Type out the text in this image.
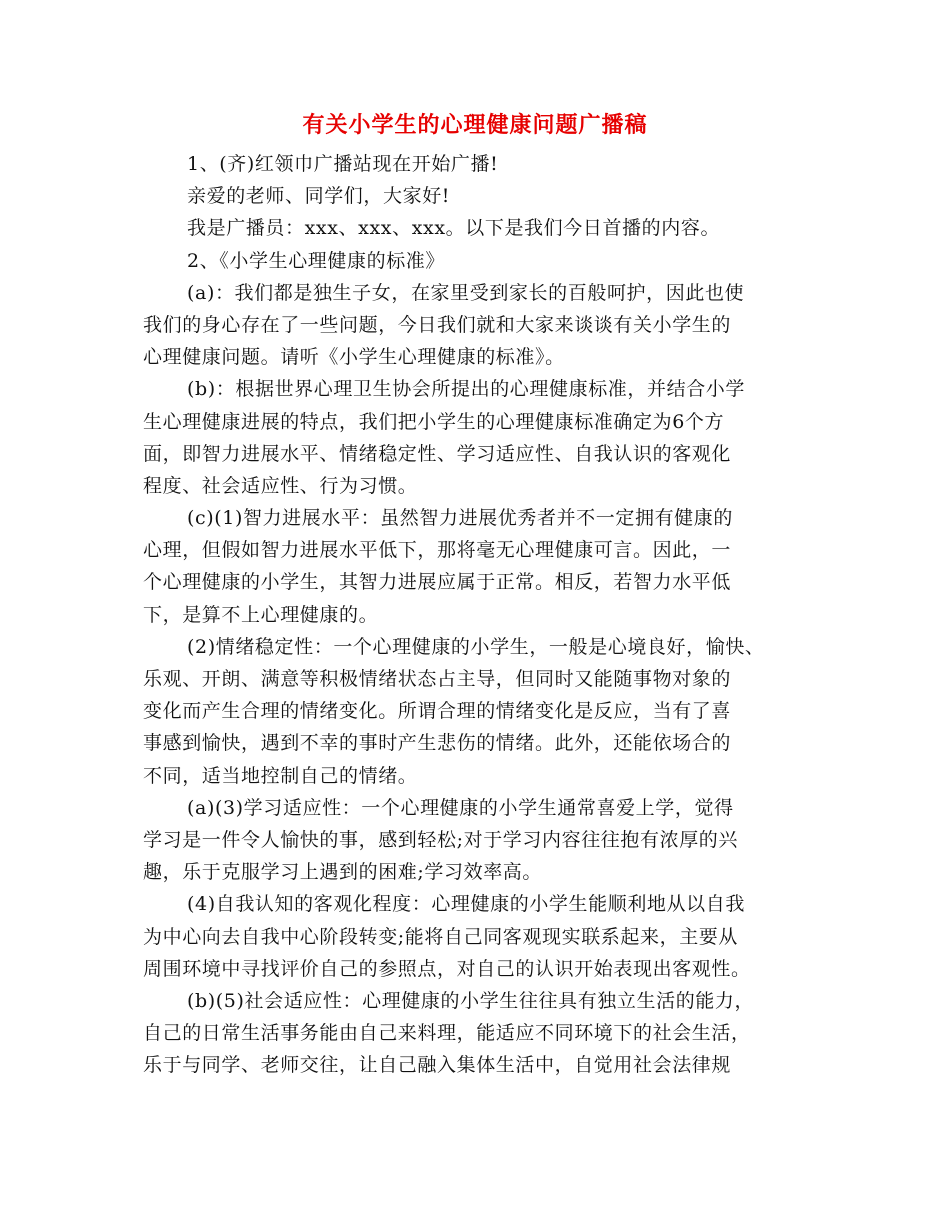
有关小学生的心理健康问题广播稿
1、(齐)红领巾广播站现在开始广播!
亲爱的老师、同学们，大家好!
我是广播员：xxx、xxx、xxx。以下是我们今日首播的内容。
2、《小学生心理健康的标准》
(a)：我们都是独生子女，在家里受到家长的百般呵护，因此也使
我们的身心存在了一些问题，今日我们就和大家来谈谈有关小学生的
心理健康问题。请听《小学生心理健康的标准》。
(b)：根据世界心理卫生协会所提出的心理健康标准，并结合小学
生心理健康进展的特点，我们把小学生的心理健康标准确定为6个方
面，即智力进展水平、情绪稳定性、学习适应性、自我认识的客观化
程度、社会适应性、行为习惯。
(c)(1)智力进展水平：虽然智力进展优秀者并不一定拥有健康的
心理，但假如智力进展水平低下，那将毫无心理健康可言。因此，一
个心理健康的小学生，其智力进展应属于正常。相反，若智力水平低
下，是算不上心理健康的。
(2)情绪稳定性：一个心理健康的小学生，一般是心境良好，愉快、
乐观、开朗、满意等积极情绪状态占主导，但同时又能随事物对象的
变化而产生合理的情绪变化。所谓合理的情绪变化是反应，当有了喜
事感到愉快，遇到不幸的事时产生悲伤的情绪。此外，还能依场合的
不同，适当地控制自己的情绪。
(a)(3)学习适应性：一个心理健康的小学生通常喜爱上学，觉得
学习是一件令人愉快的事，感到轻松;对于学习内容往往抱有浓厚的兴
趣，乐于克服学习上遇到的困难;学习效率高。
(4)自我认知的客观化程度：心理健康的小学生能顺利地从以自我
为中心向去自我中心阶段转变;能将自己同客观现实联系起来，主要从
周围环境中寻找评价自己的参照点，对自己的认识开始表现出客观性。
(b)(5)社会适应性：心理健康的小学生往往具有独立生活的能力，
自己的日常生活事务能由自己来料理，能适应不同环境下的社会生活，
乐于与同学、老师交往，让自己融入集体生活中，自觉用社会法律规
